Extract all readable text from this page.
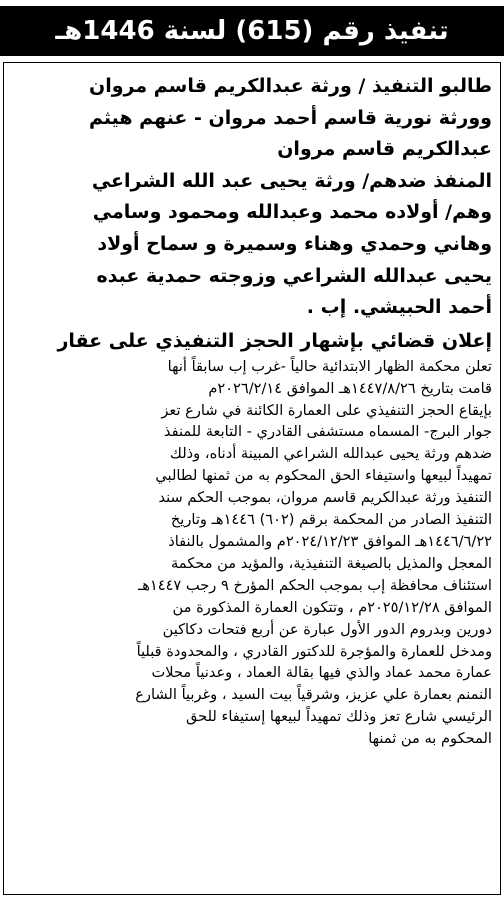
تنفيذ رقم (615) لسنة 1446هـ

طالبو التنفيذ / ورثة عبدالكريم قاسم مروان

وورثة نورية قاسم أحمد مروان - عنهم هيثم

عبدالكريم قاسم مروان

المنفذ ضدهم/ ورثة يحيى عبد الله الشراعي

وهم/ أولاده محمد وعبدالله ومحمود وسامي

وهاني وحمدي وهناء وسميرة و سماح أولاد

يحيى عبدالله الشراعي وزوجته حمدية عبده

أحمد الحبيشي. إب .

إعلان قضائي بإشهار الحجز التنفيذي على عقار

تعلن محكمة الظهار الابتدائية حالياً -غرب إب سابقاً أنها

قامت بتاريخ ١٤٤٧/٨/٢٦هـ الموافق ٢٠٢٦/٢/١٤م

بإيقاع الحجز التنفيذي على العمارة الكائنة في شارع تعز

جوار البرج- المسماه مستشفى القادري - التابعة للمنفذ

ضدهم ورثة يحيى عبدالله الشراعي المبينة أدناه، وذلك

تمهيداً لبيعها واستيفاء الحق المحكوم به من ثمنها لطالبي

التنفيذ ورثة عبدالكريم قاسم مروان، بموجب الحكم سند

التنفيذ الصادر من المحكمة برقم (٦٠٢) ١٤٤٦هـ وتاريخ

١٤٤٦/٦/٢٢هـ الموافق ٢٠٢٤/١٢/٢٣م والمشمول بالنفاذ

المعجل والمذيل بالصيغة التنفيذية، والمؤيد من محكمة

استئناف محافظة إب بموجب الحكم المؤرخ ٩ رجب ١٤٤٧هـ

الموافق ٢٠٢٥/١٢/٢٨م ، وتتكون العمارة المذكورة من

دورين وبدروم الدور الأول عبارة عن أربع فتحات دكاكين

ومدخل للعمارة والمؤجرة للدكتور القادري ، والمحدودة قبلياً

عمارة محمد عماد والذي فيها بقالة العماد ، وعدنياً محلات

النمنم بعمارة علي عزيز، وشرقياً بيت السيد ، وغربياً الشارع

الرئيسي شارع تعز وذلك تمهيداً لبيعها إستيفاء للحق

المحكوم به من ثمنها
